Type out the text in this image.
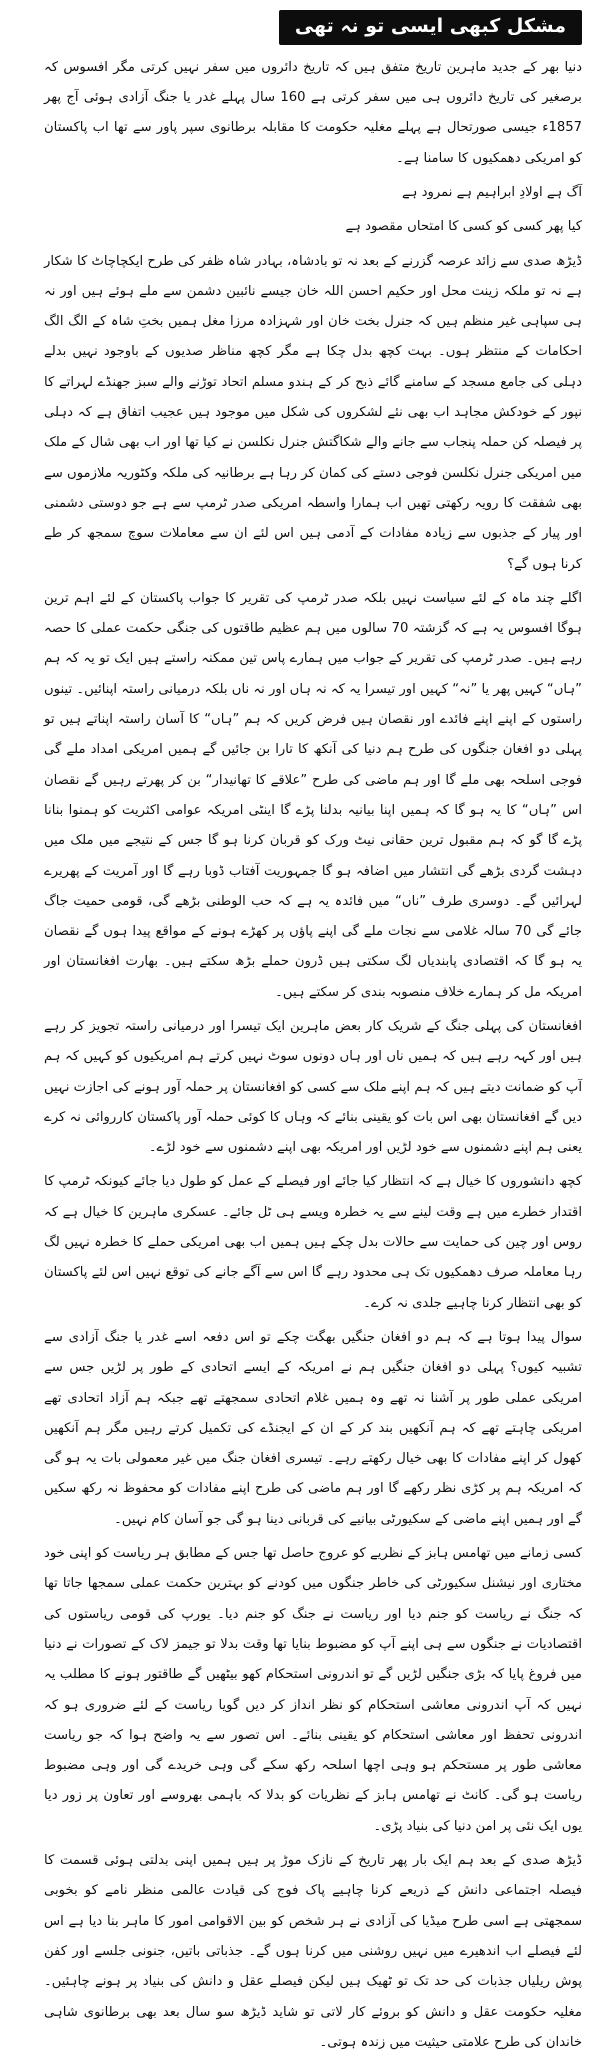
مشکل کبھی ایسی تو نہ تھی

دنیا بھر کے جدید ماہرین تاریخ متفق ہیں کہ تاریخ دائروں میں سفر نہیں کرتی مگر افسوس کہ برصغیر کی تاریخ دائروں ہی میں سفر کرتی ہے 160 سال پہلے غدر یا جنگ آزادی ہوئی آج پھر 1857ء جیسی صورتحال ہے پہلے مغلیہ حکومت کا مقابلہ برطانوی سپر پاور سے تھا اب پاکستان کو امریکی دھمکیوں کا سامنا ہے۔

آگ ہے اولادِ ابراہیم ہے نمرود ہے

کیا پھر کسی کو کسی کا امتحاں مقصود ہے

ڈیڑھ صدی سے زائد عرصہ گزرنے کے بعد نہ تو بادشاہ، بہادر شاہ ظفر کی طرح ایکچاچاٹ کا شکار ہے نہ تو ملکہ زینت محل اور حکیم احسن اللہ خان جیسے نائبین دشمن سے ملے ہوئے ہیں اور نہ ہی سپاہی غیر منظم ہیں کہ جنرل بخت خان اور شہزادہ مرزا مغل ہمیں بختِ شاہ کے الگ الگ احکامات کے منتظر ہوں۔ بہت کچھ بدل چکا ہے مگر کچھ مناظر صدیوں کے باوجود نہیں بدلے دہلی کی جامع مسجد کے سامنے گائے ذبح کر کے ہندو مسلم اتحاد توڑنے والے سبز جھنڈے لہراتے کا نپور کے خودکش مجاہد اب بھی نئے لشکروں کی شکل میں موجود ہیں عجیب اتفاق ہے کہ دہلی پر فیصلہ کن حملہ پنجاب سے جانے والے شکاگتش جنرل نکلسن نے کیا تھا اور اب بھی شال کے ملک میں امریکی جنرل نکلسن فوجی دستے کی کمان کر رہا ہے برطانیہ کی ملکہ وکٹوریہ ملازموں سے بھی شفقت کا رویہ رکھتی تھیں اب ہمارا واسطہ امریکی صدر ٹرمپ سے ہے جو دوستی دشمنی اور پیار کے جذبوں سے زیادہ مفادات کے آدمی ہیں اس لئے ان سے معاملات سوچ سمجھ کر طے کرنا ہوں گے؟

اگلے چند ماہ کے لئے سیاست نہیں بلکہ صدر ٹرمپ کی تقریر کا جواب پاکستان کے لئے اہم ترین ہوگا افسوس یہ ہے کہ گزشتہ 70 سالوں میں ہم عظیم طاقتوں کی جنگی حکمت عملی کا حصہ رہے ہیں۔ صدر ٹرمپ کی تقریر کے جواب میں ہمارے پاس تین ممکنہ راستے ہیں ایک تو یہ کہ ہم ”ہاں“ کہیں پھر یا ”نہ“ کہیں اور تیسرا یہ کہ نہ ہاں اور نہ ناں بلکہ درمیانی راستہ اپنائیں۔ تینوں راستوں کے اپنے اپنے فائدے اور نقصان ہیں فرض کریں کہ ہم ”ہاں“ کا آسان راستہ اپناتے ہیں تو پہلی دو افغان جنگوں کی طرح ہم دنیا کی آنکھ کا تارا بن جائیں گے ہمیں امریکی امداد ملے گی فوجی اسلحہ بھی ملے گا اور ہم ماضی کی طرح ”علاقے کا تھانیدار“ بن کر پھرتے رہیں گے نقصان اس ”ہاں“ کا یہ ہو گا کہ ہمیں اپنا بیانیہ بدلنا پڑے گا اینٹی امریکہ عوامی اکثریت کو ہمنوا بنانا پڑے گا گو کہ ہم مقبول ترین حقانی نیٹ ورک کو قربان کرنا ہو گا جس کے نتیجے میں ملک میں دہشت گردی بڑھے گی انتشار میں اضافہ ہو گا جمہوریت آفتاب ڈوبا رہے گا اور آمریت کے پھریرے لہرائیں گے۔ دوسری طرف ”ناں“ میں فائدہ یہ ہے کہ حب الوطنی بڑھے گی، قومی حمیت جاگ جائے گی 70 سالہ غلامی سے نجات ملے گی اپنے پاؤں پر کھڑے ہونے کے مواقع پیدا ہوں گے نقصان یہ ہو گا کہ اقتصادی پابندیاں لگ سکتی ہیں ڈرون حملے بڑھ سکتے ہیں۔ بھارت افغانستان اور امریکہ مل کر ہمارے خلاف منصوبہ بندی کر سکتے ہیں۔

افغانستان کی پہلی جنگ کے شریک کار بعض ماہرین ایک تیسرا اور درمیانی راستہ تجویز کر رہے ہیں اور کہہ رہے ہیں کہ ہمیں ناں اور ہاں دونوں سوٹ نہیں کرتے ہم امریکیوں کو کہیں کہ ہم آپ کو ضمانت دیتے ہیں کہ ہم اپنے ملک سے کسی کو افغانستان پر حملہ آور ہونے کی اجازت نہیں دیں گے افغانستان بھی اس بات کو یقینی بنائے کہ وہاں کا کوئی حملہ آور پاکستان کارروائی نہ کرے یعنی ہم اپنے دشمنوں سے خود لڑیں اور امریکہ بھی اپنے دشمنوں سے خود لڑے۔

کچھ دانشوروں کا خیال ہے کہ انتظار کیا جائے اور فیصلے کے عمل کو طول دیا جائے کیونکہ ٹرمپ کا اقتدار خطرے میں ہے وقت لینے سے یہ خطرہ ویسے ہی ٹل جائے۔ عسکری ماہرین کا خیال ہے کہ روس اور چین کی حمایت سے حالات بدل چکے ہیں ہمیں اب بھی امریکی حملے کا خطرہ نہیں لگ رہا معاملہ صرف دھمکیوں تک ہی محدود رہے گا اس سے آگے جانے کی توقع نہیں اس لئے پاکستان کو بھی انتظار کرنا چاہیے جلدی نہ کرے۔

سوال پیدا ہوتا ہے کہ ہم دو افغان جنگیں بھگت چکے تو اس دفعہ اسے غدر یا جنگ آزادی سے تشبیہ کیوں؟ پہلی دو افغان جنگیں ہم نے امریکہ کے ایسے اتحادی کے طور پر لڑیں جس سے امریکی عملی طور پر آشنا نہ تھے وہ ہمیں غلام اتحادی سمجھتے تھے جبکہ ہم آزاد اتحادی تھے امریکی چاہتے تھے کہ ہم آنکھیں بند کر کے ان کے ایجنڈے کی تکمیل کرتے رہیں مگر ہم آنکھیں کھول کر اپنے مفادات کا بھی خیال رکھتے رہے۔ تیسری افغان جنگ میں غیر معمولی بات یہ ہو گی کہ امریکہ ہم پر کڑی نظر رکھے گا اور ہم ماضی کی طرح اپنے مفادات کو محفوظ نہ رکھ سکیں گے اور ہمیں اپنے ماضی کے سکیورٹی بیانیے کی قربانی دینا ہو گی جو آسان کام نہیں۔

کسی زمانے میں تھامس ہابز کے نظریے کو عروج حاصل تھا جس کے مطابق ہر ریاست کو اپنی خود مختاری اور نیشنل سکیورٹی کی خاطر جنگوں میں کودنے کو بہترین حکمت عملی سمجھا جاتا تھا کہ جنگ نے ریاست کو جنم دیا اور ریاست نے جنگ کو جنم دیا۔ یورپ کی قومی ریاستوں کی اقتصادیات نے جنگوں سے ہی اپنے آپ کو مضبوط بنایا تھا وقت بدلا تو جیمز لاک کے تصورات نے دنیا میں فروغ پایا کہ بڑی جنگیں لڑیں گے تو اندرونی استحکام کھو بیٹھیں گے طاقتور ہونے کا مطلب یہ نہیں کہ آپ اندرونی معاشی استحکام کو نظر انداز کر دیں گویا ریاست کے لئے ضروری ہو کہ اندرونی تحفظ اور معاشی استحکام کو یقینی بنائے۔ اس تصور سے یہ واضح ہوا کہ جو ریاست معاشی طور پر مستحکم ہو وہی اچھا اسلحہ رکھ سکے گی وہی خریدے گی اور وہی مضبوط ریاست ہو گی۔ کانٹ نے تھامس ہابز کے نظریات کو بدلا کہ باہمی بھروسے اور تعاون پر زور دیا یوں ایک نئی پر امن دنیا کی بنیاد پڑی۔

ڈیڑھ صدی کے بعد ہم ایک بار پھر تاریخ کے نازک موڑ پر ہیں ہمیں اپنی بدلتی ہوئی قسمت کا فیصلہ اجتماعی دانش کے ذریعے کرنا چاہیے پاک فوج کی قیادت عالمی منظر نامے کو بخوبی سمجھتی ہے اسی طرح میڈیا کی آزادی نے ہر شخص کو بین الاقوامی امور کا ماہر بنا دیا ہے اس لئے فیصلے اب اندھیرے میں نہیں روشنی میں کرنا ہوں گے۔ جذباتی باتیں، جنونی جلسے اور کفن پوش ریلیاں جذبات کی حد تک تو ٹھیک ہیں لیکن فیصلے عقل و دانش کی بنیاد پر ہونے چاہئیں۔ مغلیہ حکومت عقل و دانش کو بروئے کار لاتی تو شاید ڈیڑھ سو سال بعد بھی برطانوی شاہی خاندان کی طرح علامتی حیثیت میں زندہ ہوتی۔
